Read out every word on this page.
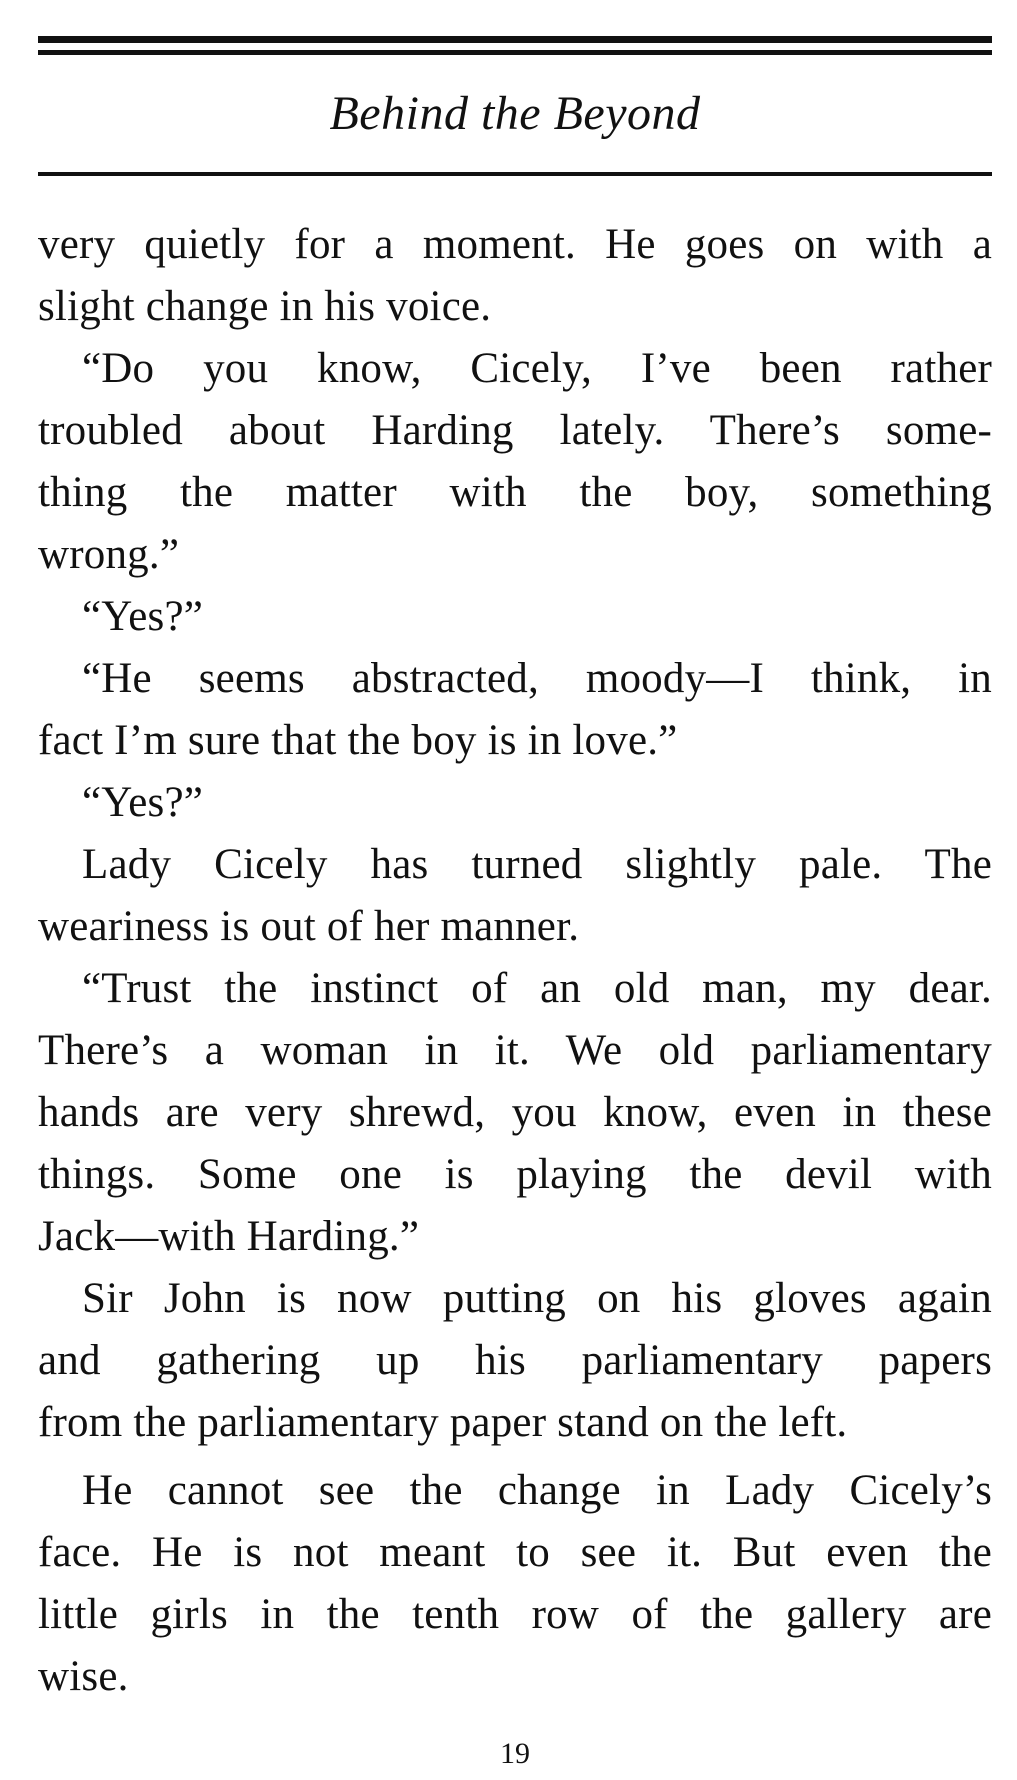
Behind the Beyond

very quietly for a moment. He goes on with a
slight change in his voice.

“Do you know, Cicely, I’ve been rather
troubled about Harding lately. There’s some-
thing the matter with the boy, something
wrong.”

“Yes?”

“He seems abstracted, moody—I think, in
fact I’m sure that the boy is in love.”

“Yes?”

Lady Cicely has turned slightly pale. The
weariness is out of her manner.

“Trust the instinct of an old man, my dear.
There’s a woman in it. We old parliamentary
hands are very shrewd, you know, even in these
things. Some one is playing the devil with
Jack—with Harding.”

Sir John is now putting on his gloves again
and gathering up his parliamentary papers
from the parliamentary paper stand on the left.

He cannot see the change in Lady Cicely’s
face. He is not meant to see it. But even the
little girls in the tenth row of the gallery are
wise.

19
